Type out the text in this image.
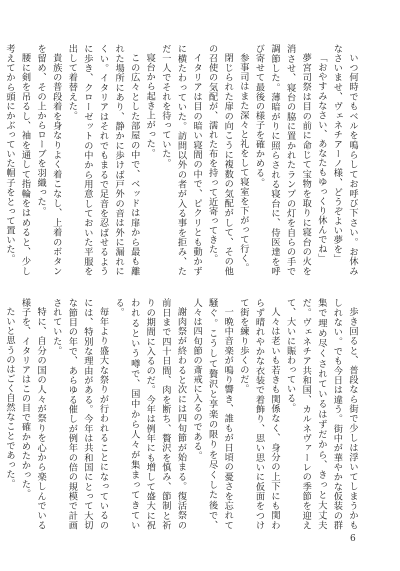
いつ何時でもベルを鳴らしてお呼び下さい。お休みなさいませ、ヴェネチアーノ様、どうぞよい夢を」

「おやすみなさい、あなたもゆっくり休んでね」

夢宮司祭は目の前に命じて宝物を取りに寝台の火を消させ、寝台の脇に置かれたランプの灯を自らの手で調節した。薄暗がりに照らされる寝台に、侍医達を呼び寄せて最後の様子を確かめる。

参事司はまた深々と礼をして寝室を下がって行く。

閉じられた扉の向こうに複数の気配がして、その他の召使の気配が、濡れた布を持って近寄ってきた。

イタリアは目の暗い寝間の中で、ピクリとも動かずに横たわっていた。訪問以外の者が入る事を拒み、ただ一人でそれを待っていた。

寝台から起き上がった。

この広々とした部屋の中で、ベッドは扉から最も離れた場所にあり、静かに歩けば戸外の音は外に漏れにくい。イタリアはそれでもまるで足音を忍ばせるように歩き、クローゼットの中から用意しておいた平服を出して着替えた。

貴族の普段着を身なりよく着こなし、上着のボタンを留め、その上からローブを羽織った。

腰に剣を吊るし、袖を通して指輪をはめると、少し考えてから頭にかぶっていた帽子をとって置いた。

歩き回ると、普段なら街で少しは浮いてしまうかもしれない。でも今日は違う。街中が華やかな仮装の群集で埋め尽くされているはずだから、きっと大丈夫だ。ヴェネチア共和国、カルネヴァーレの季節を迎えて、大いに賑わっている。

人々は老いも若きも関係なく、身分の上下にも関わらず晴れやかな衣装で着飾り、思い思いに仮面をつけて街を練り歩くのだ。

一晩中音楽が鳴り響き、誰もが日頃の憂さを忘れて騒ぐ。こうして贅沢と享楽の限りを尽くした後で、人々は四旬節の斎戒に入るのである。

謝肉祭が終わると次には四旬節が始まる。復活祭の前日まで四十日間、肉を断ち、贅沢を慎み、節制と祈りの期間に入るのだ。今年は例年にも増して盛大に祝われるという噂で、国中から人々が集まってきている。

毎年より盛大な祭りが行われることになっているのには、特別な理由がある。今年は共和国にとって大切な節目の年で、あらゆる催しが例年の倍の規模で計画されていた。

特に、自分の国の人々が祭りを心から楽しんでいる様子を、イタリアはこの目で確かめたかった。

たいと思うのはごく自然なことであった。

6
